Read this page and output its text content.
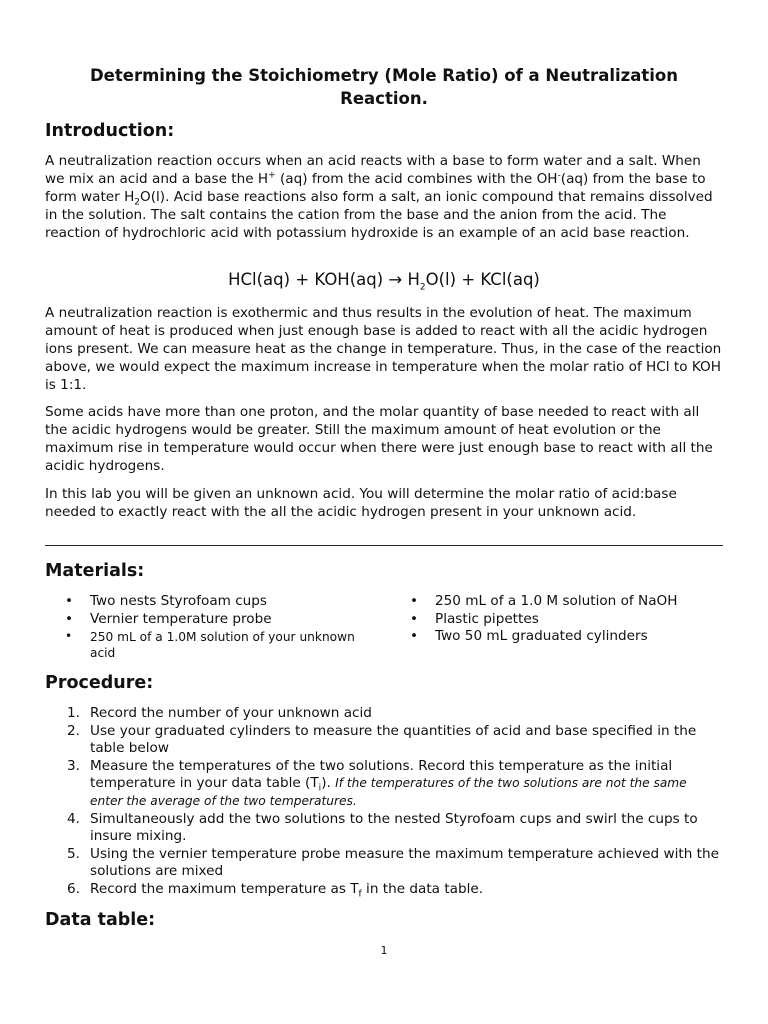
Determining the Stoichiometry (Mole Ratio) of a Neutralization Reaction.
Introduction:

A neutralization reaction occurs when an acid reacts with a base to form water and a salt. When we mix an acid and a base the H+ (aq) from the acid combines with the OH-(aq) from the base to form water $H_2O(l)$. Acid base reactions also form a salt, an ionic compound that remains dissolved in the solution. The salt contains the cation from the base and the anion from the acid. The reaction of hydrochloric acid with potassium hydroxide is an example of an acid base reaction.

$HCl(aq) + KOH(aq) \to H_2O(l) + KCl(aq)$

A neutralization reaction is exothermic and thus results in the evolution of heat. The maximum amount of heat is produced when just enough base is added to react with all the acidic hydrogen ions present. We can measure heat as the change in temperature. Thus, in the case of the reaction above, we would expect the maximum increase in temperature when the molar ratio of HCl to KOH is 1:1.

Some acids have more than one proton, and the molar quantity of base needed to react with all the acidic hydrogens would be greater. Still the maximum amount of heat evolution or the maximum rise in temperature would occur when there were just enough base to react with all the acidic hydrogens.

In this lab you will be given an unknown acid. You will determine the molar ratio of acid:base needed to exactly react with the all the acidic hydrogen present in your unknown acid.

Materials:
• Two nests Styrofoam cups
• Vernier temperature probe
• 250 mL of a 1.0M solution of your unknown acid
• 250 mL of a 1.0 M solution of NaOH
• Plastic pipettes
• Two 50 mL graduated cylinders
Procedure:
1. Record the number of your unknown acid
2. Use your graduated cylinders to measure the quantities of acid and base specified in the table below
3. Measure the temperatures of the two solutions. Record this temperature as the initial temperature in your data table $(T_i)$. If the temperatures of the two solutions are not the same enter the average of the two temperatures.
4. Simultaneously add the two solutions to the nested Styrofoam cups and swirl the cups to insure mixing.
5. Using the vernier temperature probe measure the maximum temperature achieved with the solutions are mixed
6. Record the maximum temperature as $T_f$ in the data table.
Data table:
1
